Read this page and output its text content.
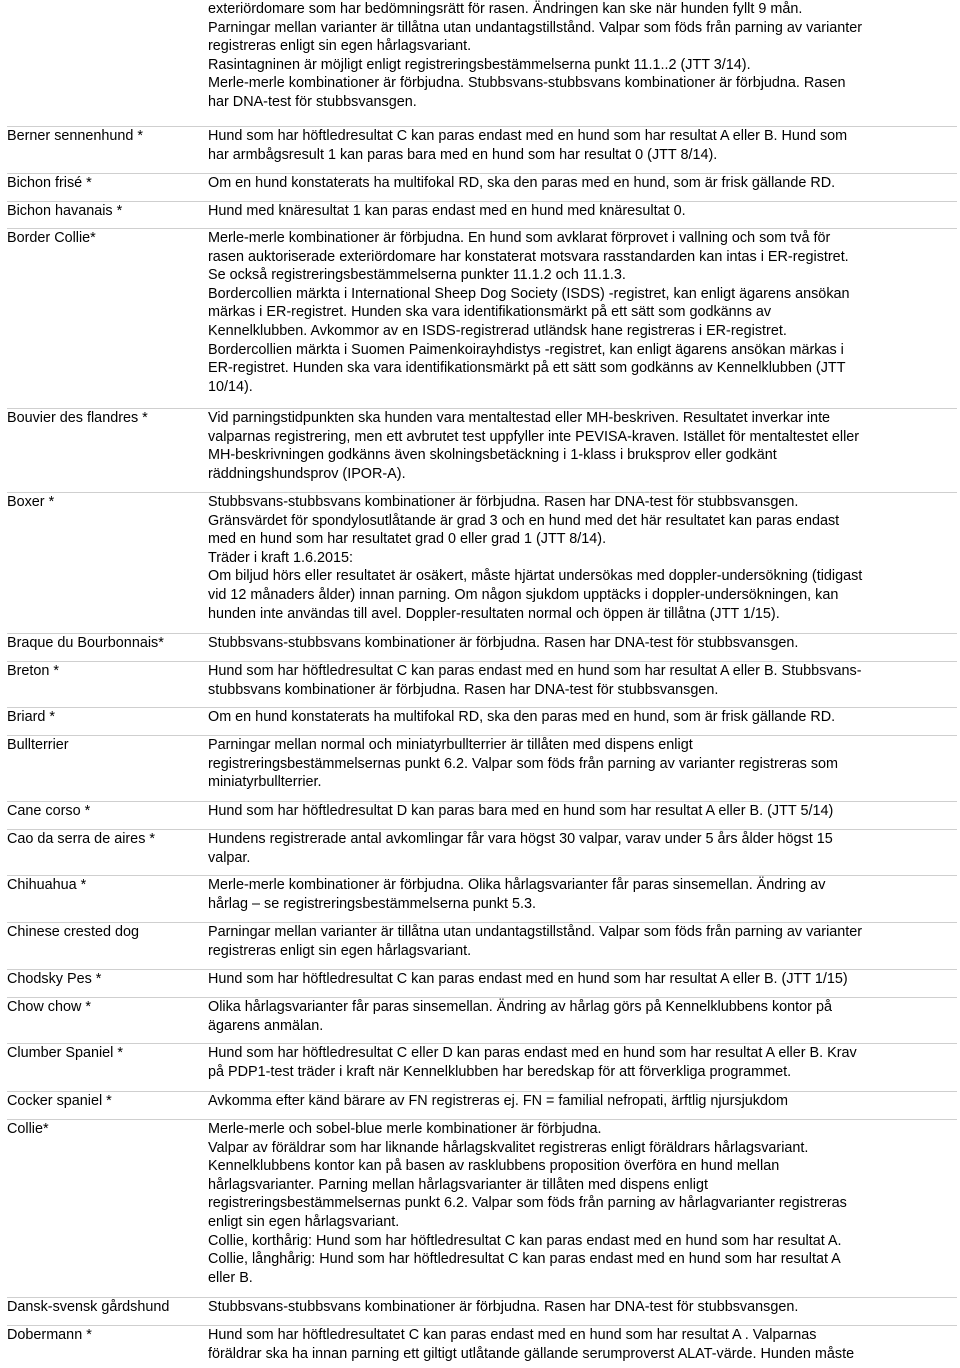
exteriördomare som har bedömningsrätt för rasen. Ändringen kan ske när hunden fyllt 9 mån.
Parningar mellan varianter är tillåtna utan undantagstillstånd. Valpar som föds från parning av varianter
registreras enligt sin egen hårlagsvariant.
Rasintagninen är möjligt enligt registreringsbestämmelserna punkt 11.1..2 (JTT 3/14).
Merle-merle kombinationer är förbjudna. Stubbsvans-stubbsvans kombinationer är förbjudna. Rasen
har DNA-test för stubbsvansgen.
Berner sennenhund *	Hund som har höftledresultat C kan paras endast med en hund som har resultat A eller B. Hund som
har armbågsresult 1 kan paras bara med en hund som har resultat 0 (JTT 8/14).
Bichon frisé *	Om en hund konstaterats ha multifokal RD, ska den paras med en hund, som är frisk gällande RD.
Bichon havanais *	Hund med knäresultat 1 kan paras endast med en hund med knäresultat 0.
Border Collie*	Merle-merle kombinationer är förbjudna. En hund som avklarat förprovet i vallning och som två för
rasen auktoriserade exteriördomare har konstaterat motsvara rasstandarden kan intas i ER-registret.
Se också registreringsbestämmelserna punkter 11.1.2 och 11.1.3.
Bordercollien märkta i International Sheep Dog Society (ISDS) -registret, kan enligt ägarens ansökan
märkas i ER-registret. Hunden ska vara identifikationsmärkt på ett sätt som godkänns av
Kennelklubben. Avkommor av en ISDS-registrerad utländsk hane registreras i ER-registret.
Bordercollien märkta i Suomen Paimenkoirayhdistys -registret, kan enligt ägarens ansökan märkas i
ER-registret. Hunden ska vara identifikationsmärkt på ett sätt som godkänns av Kennelklubben (JTT
10/14).
Bouvier des flandres *	Vid parningstidpunkten ska hunden vara mentaltestad eller MH-beskriven. Resultatet inverkar inte
valparnas registrering, men ett avbrutet test uppfyller inte PEVISA-kraven. Istället för mentaltestet eller
MH-beskrivningen godkänns även skolningsbetäckning i 1-klass i bruksprov eller godkänt
räddningshundsprov (IPOR-A).
Boxer *	Stubbsvans-stubbsvans kombinationer är förbjudna. Rasen har DNA-test för stubbsvansgen.
Gränsvärdet för spondylosutlåtande är grad 3 och en hund med det här resultatet kan paras endast
med en hund som har resultatet grad 0 eller grad 1 (JTT 8/14).
Träder i kraft 1.6.2015:
Om biljud hörs eller resultatet är osäkert, måste hjärtat undersökas med doppler-undersökning (tidigast
vid 12 månaders ålder) innan parning. Om någon sjukdom upptäcks i doppler-undersökningen, kan
hunden inte användas till avel. Doppler-resultaten normal och öppen är tillåtna (JTT 1/15).
Braque du Bourbonnais*	Stubbsvans-stubbsvans kombinationer är förbjudna. Rasen har DNA-test för stubbsvansgen.
Breton *	Hund som har höftledresultat C kan paras endast med en hund som har resultat A eller B. Stubbsvans-
stubbsvans kombinationer är förbjudna. Rasen har DNA-test för stubbsvansgen.
Briard *	Om en hund konstaterats ha multifokal RD, ska den paras med en hund, som är frisk gällande RD.
Bullterrier	Parningar mellan normal och miniatyrbullterrier är tillåten med dispens enligt
registreringsbestämmelsernas punkt 6.2. Valpar som föds från parning av varianter registreras som
miniatyrbullterrier.
Cane corso *	Hund som har höftledresultat D kan paras bara med en hund som har resultat A eller B. (JTT 5/14)
Cao da serra de aires *	Hundens registrerade antal avkomlingar får vara högst 30 valpar, varav under 5 års ålder högst 15
valpar.
Chihuahua *	Merle-merle kombinationer är förbjudna. Olika hårlagsvarianter får paras sinsemellan. Ändring av
hårlag – se registreringsbestämmelserna punkt 5.3.
Chinese crested dog	Parningar mellan varianter är tillåtna utan undantagstillstånd. Valpar som föds från parning av varianter
registreras enligt sin egen hårlagsvariant.
Chodsky Pes *	Hund som har höftledresultat C kan paras endast med en hund som har resultat A eller B. (JTT 1/15)
Chow chow *	Olika hårlagsvarianter får paras sinsemellan. Ändring av hårlag görs på Kennelklubbens kontor på
ägarens anmälan.
Clumber Spaniel *	Hund som har höftledresultat C eller D kan paras endast med en hund som har resultat A eller B. Krav
på PDP1-test träder i kraft när Kennelklubben har beredskap för att förverkliga programmet.
Cocker spaniel *	Avkomma efter känd bärare av FN registreras ej. FN = familial nefropati, ärftlig njursjukdom
Collie*	Merle-merle och sobel-blue merle kombinationer är förbjudna.
Valpar av föräldrar som har liknande hårlagskvalitet registreras enligt föräldrars hårlagsvariant.
Kennelklubbens kontor kan på basen av rasklubbens proposition överföra en hund mellan
hårlagsvarianter. Parning mellan hårlagsvarianter är tillåten med dispens enligt
registreringsbestämmelsernas punkt 6.2. Valpar som föds från parning av hårlagvarianter registreras
enligt sin egen hårlagsvariant.
Collie, korthårig: Hund som har höftledresultat C kan paras endast med en hund som har resultat A.
Collie, långhårig: Hund som har höftledresultat C kan paras endast med en hund som har resultat A
eller B.
Dansk-svensk gårdshund	Stubbsvans-stubbsvans kombinationer är förbjudna. Rasen har DNA-test för stubbsvansgen.
Dobermann *	Hund som har höftledresultatet C kan paras endast med en hund som har resultat A . Valparnas
föräldrar ska ha innan parning ett giltigt utlåtande gällande serumproverst ALAT-värde. Hunden måste
